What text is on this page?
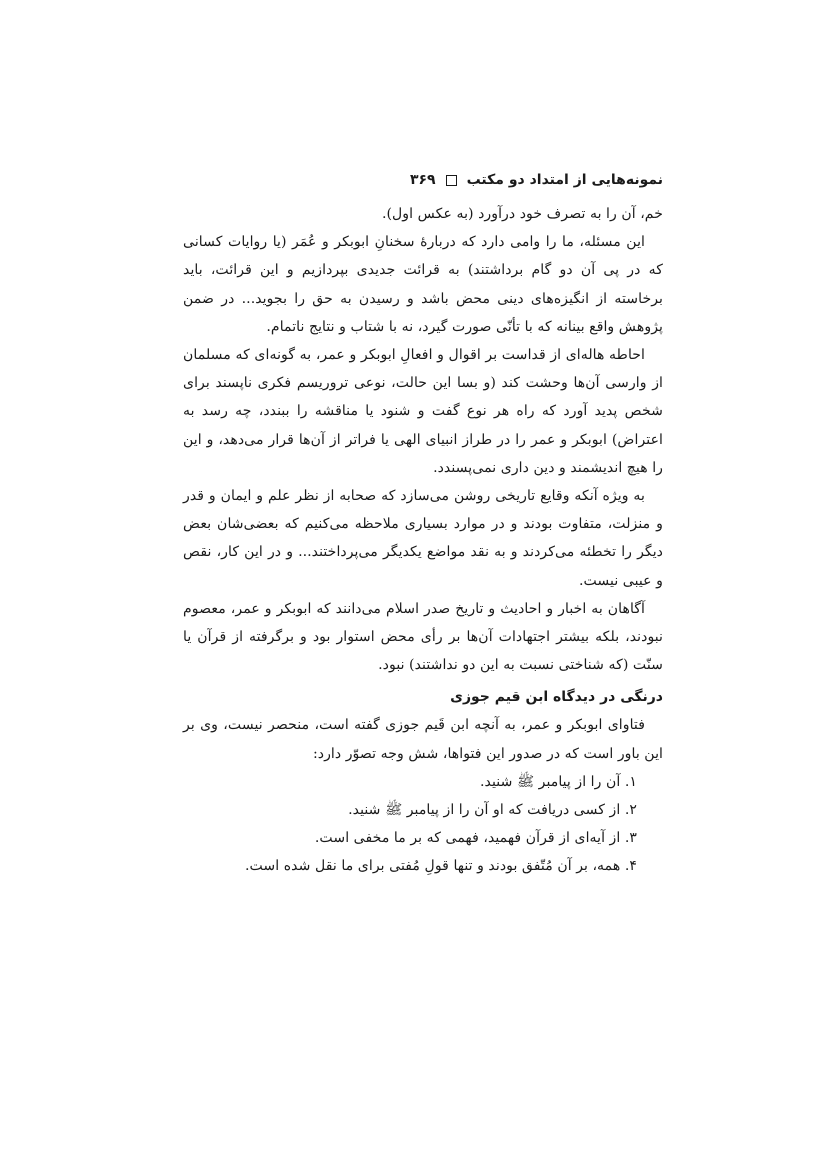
نمونه‌هایی از امتداد دو مکتب
۳۶۹

خم، آن را به تصرف خود درآورد (به عکس اول).

این مسئله، ما را وامی دارد که دربارهٔ سخنانِ ابوبکر و عُمَر (یا روایات کسانی که در پی آن دو گام برداشتند) به قرائت جدیدی بپردازیم و این قرائت، باید برخاسته از انگیزه‌های دینی محض باشد و رسیدن به حق را بجوید... در ضمن پژوهش واقع بینانه که با تأنّی صورت گیرد، نه با شتاب و نتایج ناتمام.

احاطه هاله‌ای از قداست بر اقوال و افعالِ ابوبکر و عمر، به گونه‌ای که مسلمان از وارسی آن‌ها وحشت کند (و بسا این حالت، نوعی تروریسم فکری ناپسند برای شخص پدید آورد که راه هر نوع گفت و شنود یا مناقشه را ببندد، چه رسد به اعتراض) ابوبکر و عمر را در طراز انبیای الهی یا فراتر از آن‌ها قرار می‌دهد، و این را هیچ اندیشمند و دین داری نمی‌پسندد.

به ویژه آنکه وقایع تاریخی روشن می‌سازد که صحابه از نظر علم و ایمان و قدر و منزلت، متفاوت بودند و در موارد بسیاری ملاحظه می‌کنیم که بعضی‌شان بعض دیگر را تخطئه می‌کردند و به نقد مواضع یکدیگر می‌پرداختند... و در این کار، نقص و عیبی نیست.

آگاهان به اخبار و احادیث و تاریخ صدر اسلام می‌دانند که ابوبکر و عمر، معصوم نبودند، بلکه بیشتر اجتهادات آن‌ها بر رأی محض استوار بود و برگرفته از قرآن یا سنّت (که شناختی نسبت به این دو نداشتند) نبود.

درنگی در دیدگاه ابن قیم جوزی

فتاوای ابوبکر و عمر، به آنچه ابن قَیم جوزی گفته است، منحصر نیست، وی بر این باور است که در صدور این فتواها، شش وجه تصوّر دارد:

۱. آن را از پیامبر ﷺ شنید.
۲. از کسی دریافت که او آن را از پیامبر ﷺ شنید.
۳. از آیه‌ای از قرآن فهمید، فهمی که بر ما مخفی است.
۴. همه، بر آن مُتّفق بودند و تنها قولِ مُفتی برای ما نقل شده است.
